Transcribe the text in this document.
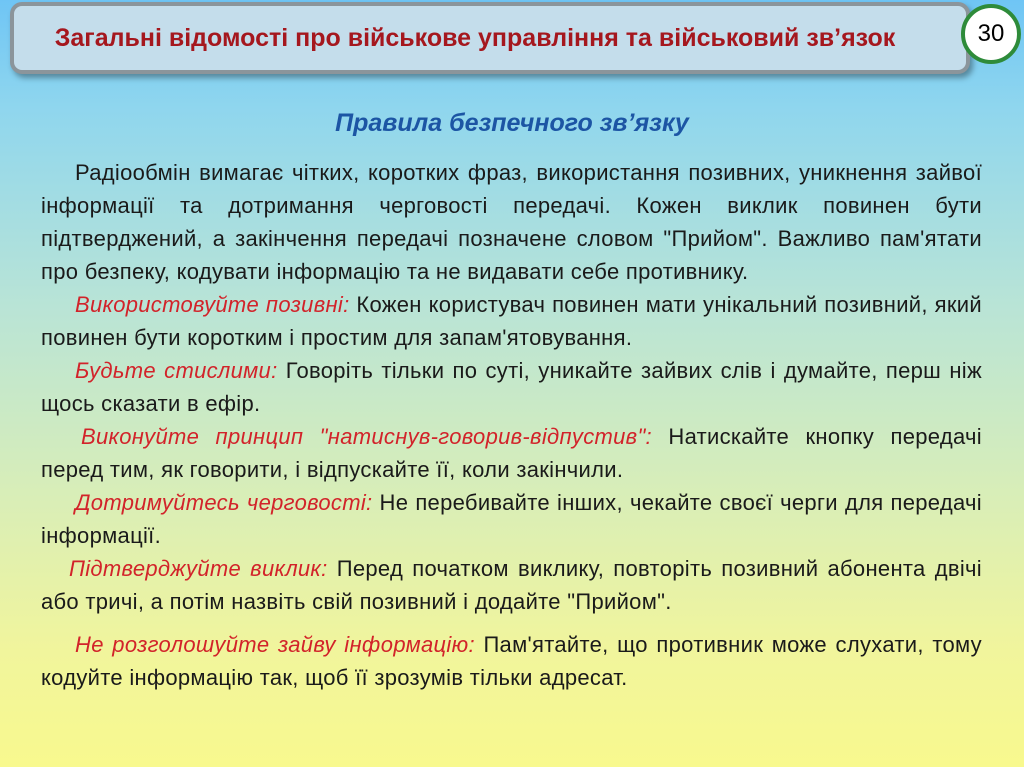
Загальні відомості про військове управління та військовий зв’язок	30
Правила безпечного зв’язку

Радіообмін вимагає чітких, коротких фраз, використання позивних, уникнення зайвої інформації та дотримання черговості передачі. Кожен виклик повинен бути підтверджений, а закінчення передачі позначене словом "Прийом". Важливо пам'ятати про безпеку, кодувати інформацію та не видавати себе противнику.

Використовуйте позивні: Кожен користувач повинен мати унікальний позивний, який повинен бути коротким і простим для запам'ятовування.

Будьте стислими: Говоріть тільки по суті, уникайте зайвих слів і думайте, перш ніж щось сказати в ефір.

Виконуйте принцип "натиснув-говорив-відпустив": Натискайте кнопку передачі перед тим, як говорити, і відпускайте її, коли закінчили.

Дотримуйтесь черговості: Не перебивайте інших, чекайте своєї черги для передачі інформації.

Підтверджуйте виклик: Перед початком виклику, повторіть позивний абонента двічі або тричі, а потім назвіть свій позивний і додайте "Прийом".

Не розголошуйте зайву інформацію: Пам'ятайте, що противник може слухати, тому кодуйте інформацію так, щоб її зрозумів тільки адресат.
